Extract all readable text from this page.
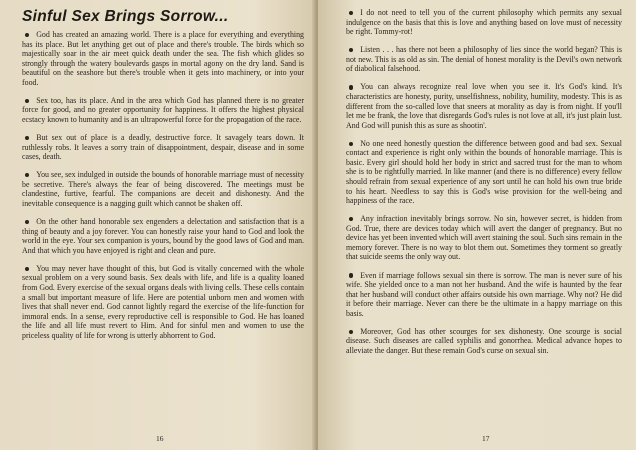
Sinful Sex Brings Sorrow...

God has created an amazing world. There is a place for everything and everything has its place. But let anything get out of place and there's trouble. The birds which so majestically soar in the air meet quick death under the sea. The fish which glides so strongly through the watery boulevards gasps in mortal agony on the dry land. Sand is beautiful on the seashore but there's trouble when it gets into machinery, or into your food.

Sex too, has its place. And in the area which God has planned there is no greater force for good, and no greater opportunity for happiness. It offers the highest physical ecstacy known to humanity and is an ultrapowerful force for the propagation of the race.

But sex out of place is a deadly, destructive force. It savagely tears down. It ruthlessly robs. It leaves a sorry train of disappointment, despair, disease and in some cases, death.

You see, sex indulged in outside the bounds of honorable marriage must of necessity be secretive. There's always the fear of being discovered. The meetings must be clandestine, furtive, fearful. The companions are deceit and dishonesty. And the inevitable consequence is a nagging guilt which cannot be shaken off.

On the other hand honorable sex engenders a delectation and satisfaction that is a thing of beauty and a joy forever. You can honestly raise your hand to God and look the world in the eye. Your sex companion is yours, bound by the good laws of God and man. And that which you have enjoyed is right and clean and pure.

You may never have thought of this, but God is vitally concerned with the whole sexual problem on a very sound basis. Sex deals with life, and life is a quality loaned from God. Every exercise of the sexual organs deals with living cells. These cells contain a small but important measure of life. Here are potential unborn men and women with lives that shall never end. God cannot lightly regard the exercise of the life-function for immoral ends. In a sense, every reproductive cell is responsible to God. He has loaned the life and all life must revert to Him. And for sinful men and women to use the priceless quality of life for wrong is utterly abhorrent to God.

16

I do not need to tell you of the current philosophy which permits any sexual indulgence on the basis that this is love and anything based on love must of necessity be right. Tommy-rot!

Listen . . . has there not been a philosophy of lies since the world began? This is not new. This is as old as sin. The denial of honest morality is the Devil's own network of diabolical falsehood.

You can always recognize real love when you see it. It's God's kind. It's characteristics are honesty, purity, unselfishness, nobility, humility, modesty. This is as different from the so-called love that sneers at morality as day is from night. If you'll let me be frank, the love that disregards God's rules is not love at all, it's just plain lust. And God will punish this as sure as shootin'.

No one need honestly question the difference between good and bad sex. Sexual contact and experience is right only within the bounds of honorable marriage. This is basic. Every girl should hold her body in strict and sacred trust for the man to whom she is to be rightfully married. In like manner (and there is no difference) every fellow should refrain from sexual experience of any sort until he can hold his own true bride to his heart. Needless to say this is God's wise provision for the well-being and happiness of the race.

Any infraction inevitably brings sorrow. No sin, however secret, is hidden from God. True, there are devices today which will avert the danger of pregnancy. But no device has yet been invented which will avert staining the soul. Such sins remain in the memory forever. There is no way to blot them out. Sometimes they torment so greatly that suicide seems the only way out.

Even if marriage follows sexual sin there is sorrow. The man is never sure of his wife. She yielded once to a man not her husband. And the wife is haunted by the fear that her husband will conduct other affairs outside his own marriage. Why not? He did it before their marriage. Never can there be the ultimate in a happy marriage on this basis.

Moreover, God has other scourges for sex dishonesty. One scourge is social disease. Such diseases are called syphilis and gonorrhea. Medical advance hopes to alleviate the danger. But these remain God's curse on sexual sin.

17
